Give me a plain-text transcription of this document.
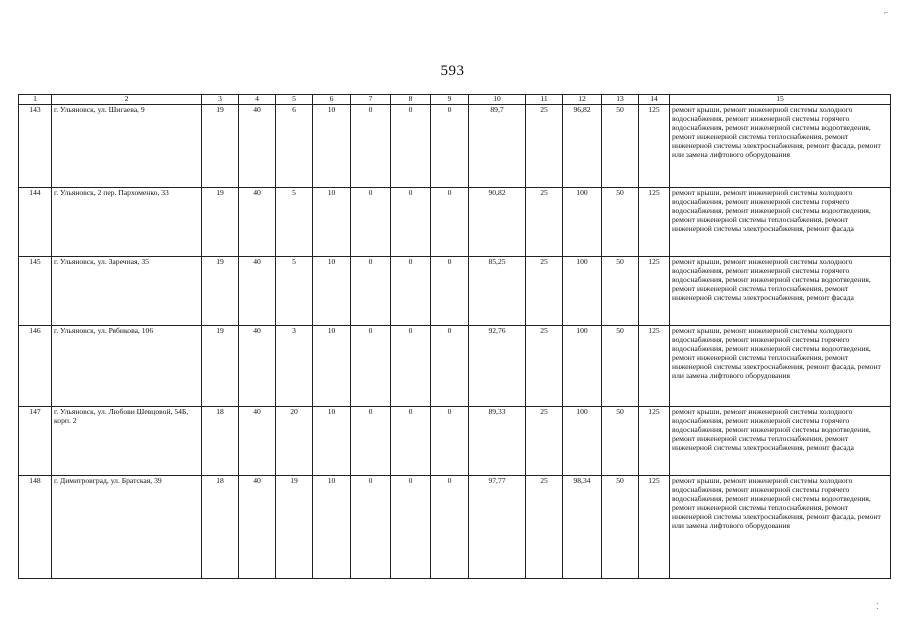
593
1	2	3	4	5	6	7	8	9	10	11	12	13	14	15
143	г. Ульяновск, ул. Шигаева, 9	19	40	6	10	0	0	0	89,7	25	96,82	50	125	ремонт крыши, ремонт инженерной системы холодного водоснабжения, ремонт инженерной системы горячего водоснабжения, ремонт инженерной системы водоотведения, ремонт инженерной системы теплоснабжения, ремонт инженерной системы электроснабжения, ремонт фасада, ремонт или замена лифтового оборудования
144	г. Ульяновск, 2 пер. Пархоменко, 33	19	40	5	10	0	0	0	90,82	25	100	50	125	ремонт крыши, ремонт инженерной системы холодного водоснабжения, ремонт инженерной системы горячего водоснабжения, ремонт инженерной системы водоотведения, ремонт инженерной системы теплоснабжения, ремонт инженерной системы электроснабжения, ремонт фасада
145	г. Ульяновск, ул. Заречная, 35	19	40	5	10	0	0	0	85,25	25	100	50	125	ремонт крыши, ремонт инженерной системы холодного водоснабжения, ремонт инженерной системы горячего водоснабжения, ремонт инженерной системы водоотведения, ремонт инженерной системы теплоснабжения, ремонт инженерной системы электроснабжения, ремонт фасада
146	г. Ульяновск, ул. Рябикова, 106	19	40	3	10	0	0	0	92,76	25	100	50	125	ремонт крыши, ремонт инженерной системы холодного водоснабжения, ремонт инженерной системы горячего водоснабжения, ремонт инженерной системы водоотведения, ремонт инженерной системы теплоснабжения, ремонт инженерной системы электроснабжения, ремонт фасада, ремонт или замена лифтового оборудования
147	г. Ульяновск, ул. Любови Шевцовой, 54Б, корп. 2	18	40	20	10	0	0	0	89,33	25	100	50	125	ремонт крыши, ремонт инженерной системы холодного водоснабжения, ремонт инженерной системы горячего водоснабжения, ремонт инженерной системы водоотведения, ремонт инженерной системы теплоснабжения, ремонт инженерной системы электроснабжения, ремонт фасада
148	г. Димитровград, ул. Братская, 39	18	40	19	10	0	0	0	97,77	25	98,34	50	125	ремонт крыши, ремонт инженерной системы холодного водоснабжения, ремонт инженерной системы горячего водоснабжения, ремонт инженерной системы водоотведения, ремонт инженерной системы теплоснабжения, ремонт инженерной системы электроснабжения, ремонт фасада, ремонт или замена лифтового оборудования
⌐
⁚
